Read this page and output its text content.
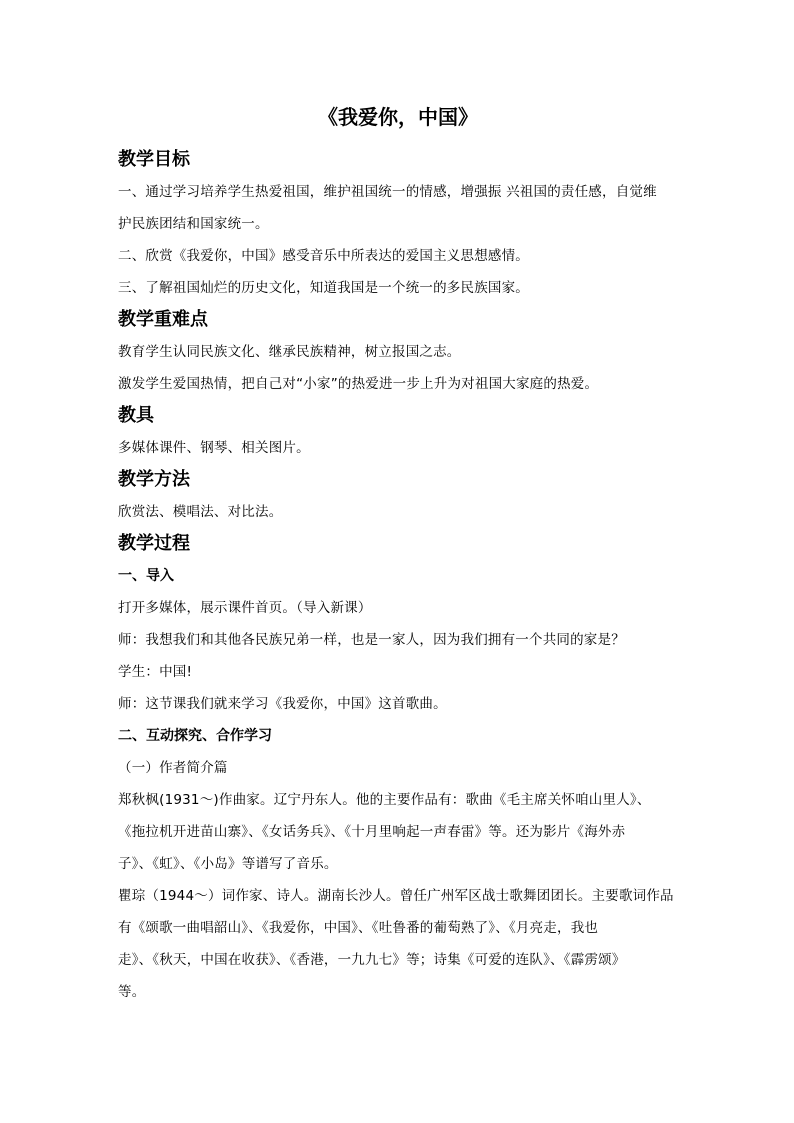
《我爱你，中国》
教学目标

一、通过学习培养学生热爱祖国，维护祖国统一的情感，增强振 兴祖国的责任感，自觉维

护民族团结和国家统一。

二、欣赏《我爱你，中国》感受音乐中所表达的爱国主义思想感情。

三、了解祖国灿烂的历史文化，知道我国是一个统一的多民族国家。

教学重难点

教育学生认同民族文化、继承民族精神，树立报国之志。

激发学生爱国热情，把自己对“小家”的热爱进一步上升为对祖国大家庭的热爱。

教具

多媒体课件、钢琴、相关图片。

教学方法

欣赏法、模唱法、对比法。

教学过程
一、导入

打开多媒体，展示课件首页。（导入新课）

师：我想我们和其他各民族兄弟一样，也是一家人，因为我们拥有一个共同的家是？

学生：中国!

师：这节课我们就来学习《我爱你，中国》这首歌曲。

二、互动探究、合作学习

（一）作者简介篇

郑秋枫(1931～)作曲家。辽宁丹东人。他的主要作品有：歌曲《毛主席关怀咱山里人》、

《拖拉机开进苗山寨》、《女话务兵》、《十月里响起一声春雷》等。还为影片《海外赤

子》、《虹》、《小岛》等谱写了音乐。

瞿琮（1944～）词作家、诗人。湖南长沙人。曾任广州军区战士歌舞团团长。主要歌词作品

有《颂歌一曲唱韶山》、《我爱你，中国》、《吐鲁番的葡萄熟了》、《月亮走，我也

走》、《秋天，中国在收获》、《香港，一九九七》等；诗集《可爱的连队》、《霹雳颂》

等。
